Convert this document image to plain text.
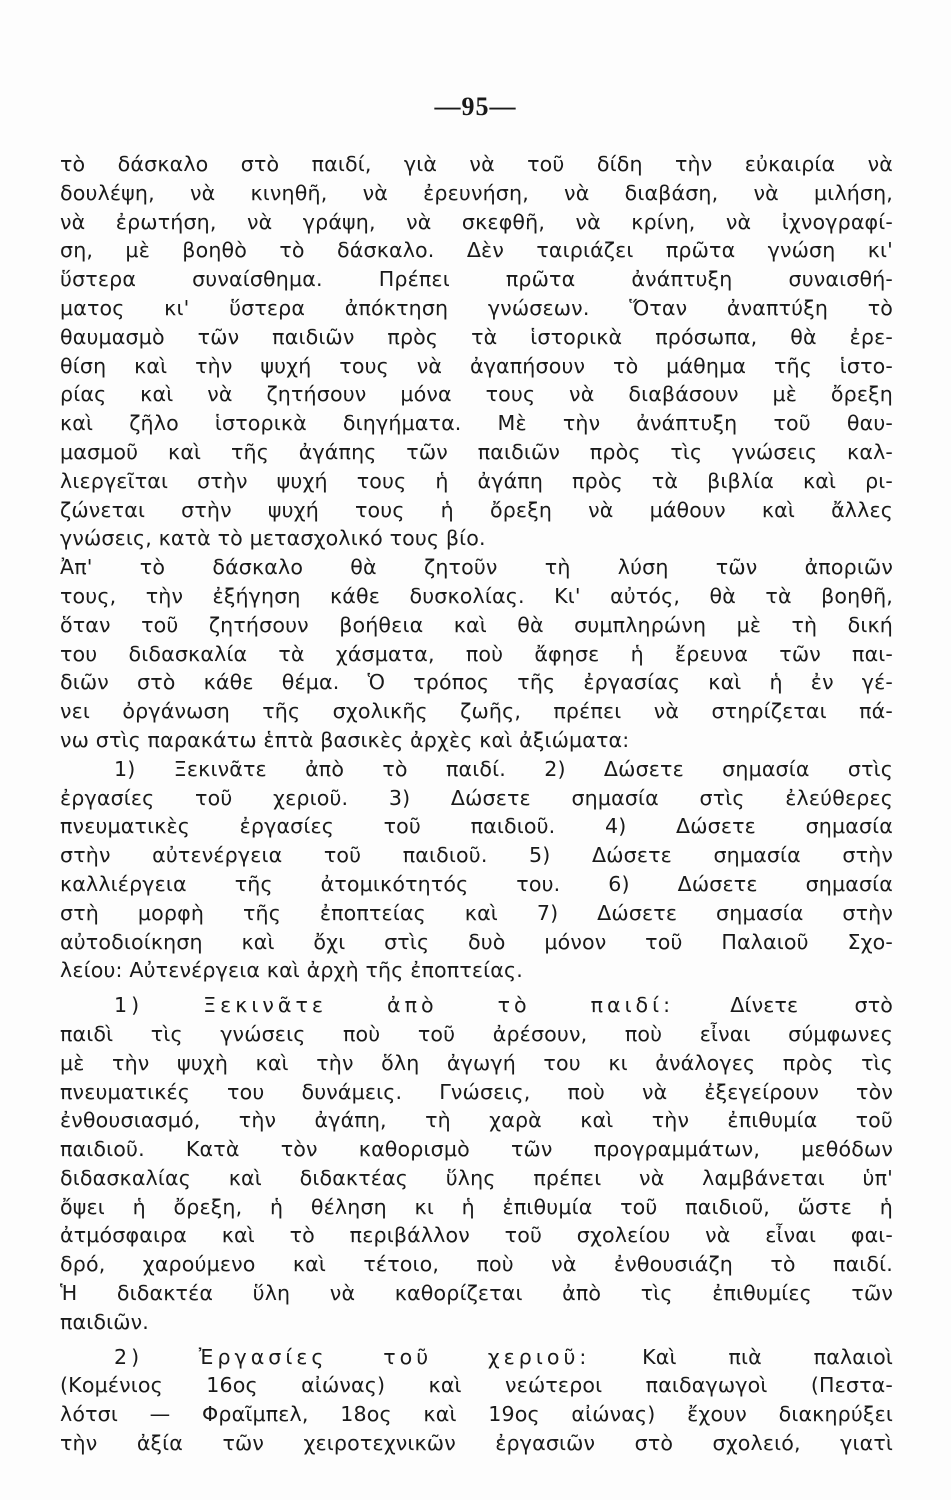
—95—
τὸ δάσκαλο στὸ παιδί, γιὰ νὰ τοῦ δίδη τὴν εὐκαιρία νὰ
δουλέψη, νὰ κινηθῆ, νὰ ἐρευνήση, νὰ διαβάση, νὰ μιλήση,
νὰ ἐρωτήση, νὰ γράψη, νὰ σκεφθῆ, νὰ κρίνη, νὰ ἰχνογραφί-
ση, μὲ βοηθὸ τὸ δάσκαλο. Δὲν ταιριάζει πρῶτα γνώση κι'
ὕστερα συναίσθημα. Πρέπει πρῶτα ἀνάπτυξη συναισθή-
ματος κι' ὕστερα ἀπόκτηση γνώσεων. Ὅταν ἀναπτύξη τὸ
θαυμασμὸ τῶν παιδιῶν πρὸς τὰ ἱστορικὰ πρόσωπα, θὰ ἐρε-
θίση καὶ τὴν ψυχή τους νὰ ἀγαπήσουν τὸ μάθημα τῆς ἱστο-
ρίας καὶ νὰ ζητήσουν μόνα τους νὰ διαβάσουν μὲ ὄρεξη
καὶ ζῆλο ἱστορικὰ διηγήματα. Μὲ τὴν ἀνάπτυξη τοῦ θαυ-
μασμοῦ καὶ τῆς ἀγάπης τῶν παιδιῶν πρὸς τὶς γνώσεις καλ-
λιεργεῖται στὴν ψυχή τους ἡ ἀγάπη πρὸς τὰ βιβλία καὶ ρι-
ζώνεται στὴν ψυχή τους ἡ ὄρεξη νὰ μάθουν καὶ ἄλλες
γνώσεις, κατὰ τὸ μετασχολικό τους βίο.
Ἀπ' τὸ δάσκαλο θὰ ζητοῦν τὴ λύση τῶν ἀποριῶν
τους, τὴν ἐξήγηση κάθε δυσκολίας. Κι' αὐτός, θὰ τὰ βοηθῆ,
ὅταν τοῦ ζητήσουν βοήθεια καὶ θὰ συμπληρώνη μὲ τὴ δική
του διδασκαλία τὰ χάσματα, ποὺ ἄφησε ἡ ἔρευνα τῶν παι-
διῶν στὸ κάθε θέμα. Ὁ τρόπος τῆς ἐργασίας καὶ ἡ ἐν γέ-
νει ὀργάνωση τῆς σχολικῆς ζωῆς, πρέπει νὰ στηρίζεται πά-
νω στὶς παρακάτω ἑπτὰ βασικὲς ἀρχὲς καὶ ἀξιώματα:
1) Ξεκινᾶτε ἀπὸ τὸ παιδί. 2) Δώσετε σημασία στὶς
ἐργασίες τοῦ χεριοῦ. 3) Δώσετε σημασία στὶς ἐλεύθερες
πνευματικὲς ἐργασίες τοῦ παιδιοῦ. 4) Δώσετε σημασία
στὴν αὐτενέργεια τοῦ παιδιοῦ. 5) Δώσετε σημασία στὴν
καλλιέργεια τῆς ἀτομικότητός του. 6) Δώσετε σημασία
στὴ μορφὴ τῆς ἐποπτείας καὶ 7) Δώσετε σημασία στὴν
αὐτοδιοίκηση καὶ ὄχι στὶς δυὸ μόνον τοῦ Παλαιοῦ Σχο-
λείου: Αὐτενέργεια καὶ ἀρχὴ τῆς ἐποπτείας.
1) Ξεκινᾶτε ἀπὸ τὸ παιδί: Δίνετε στὸ
παιδὶ τὶς γνώσεις ποὺ τοῦ ἀρέσουν, ποὺ εἶναι σύμφωνες
μὲ τὴν ψυχὴ καὶ τὴν ὅλη ἀγωγή του κι ἀνάλογες πρὸς τὶς
πνευματικές του δυνάμεις. Γνώσεις, ποὺ νὰ ἐξεγείρουν τὸν
ἐνθουσιασμό, τὴν ἀγάπη, τὴ χαρὰ καὶ τὴν ἐπιθυμία τοῦ
παιδιοῦ. Κατὰ τὸν καθορισμὸ τῶν προγραμμάτων, μεθόδων
διδασκαλίας καὶ διδακτέας ὕλης πρέπει νὰ λαμβάνεται ὑπ'
ὄψει ἡ ὄρεξη, ἡ θέληση κι ἡ ἐπιθυμία τοῦ παιδιοῦ, ὥστε ἡ
ἀτμόσφαιρα καὶ τὸ περιβάλλον τοῦ σχολείου νὰ εἶναι φαι-
δρό, χαρούμενο καὶ τέτοιο, ποὺ νὰ ἐνθουσιάζη τὸ παιδί.
Ἡ διδακτέα ὕλη νὰ καθορίζεται ἀπὸ τὶς ἐπιθυμίες τῶν
παιδιῶν.
2) Ἐργασίες τοῦ χεριοῦ: Καὶ πιὰ παλαιοὶ
(Κομένιος 16ος αἰώνας) καὶ νεώτεροι παιδαγωγοὶ (Πεστα-
λότσι — Φραῖμπελ, 18ος καὶ 19ος αἰώνας) ἔχουν διακηρύξει
τὴν ἀξία τῶν χειροτεχνικῶν ἐργασιῶν στὸ σχολειό, γιατὶ
